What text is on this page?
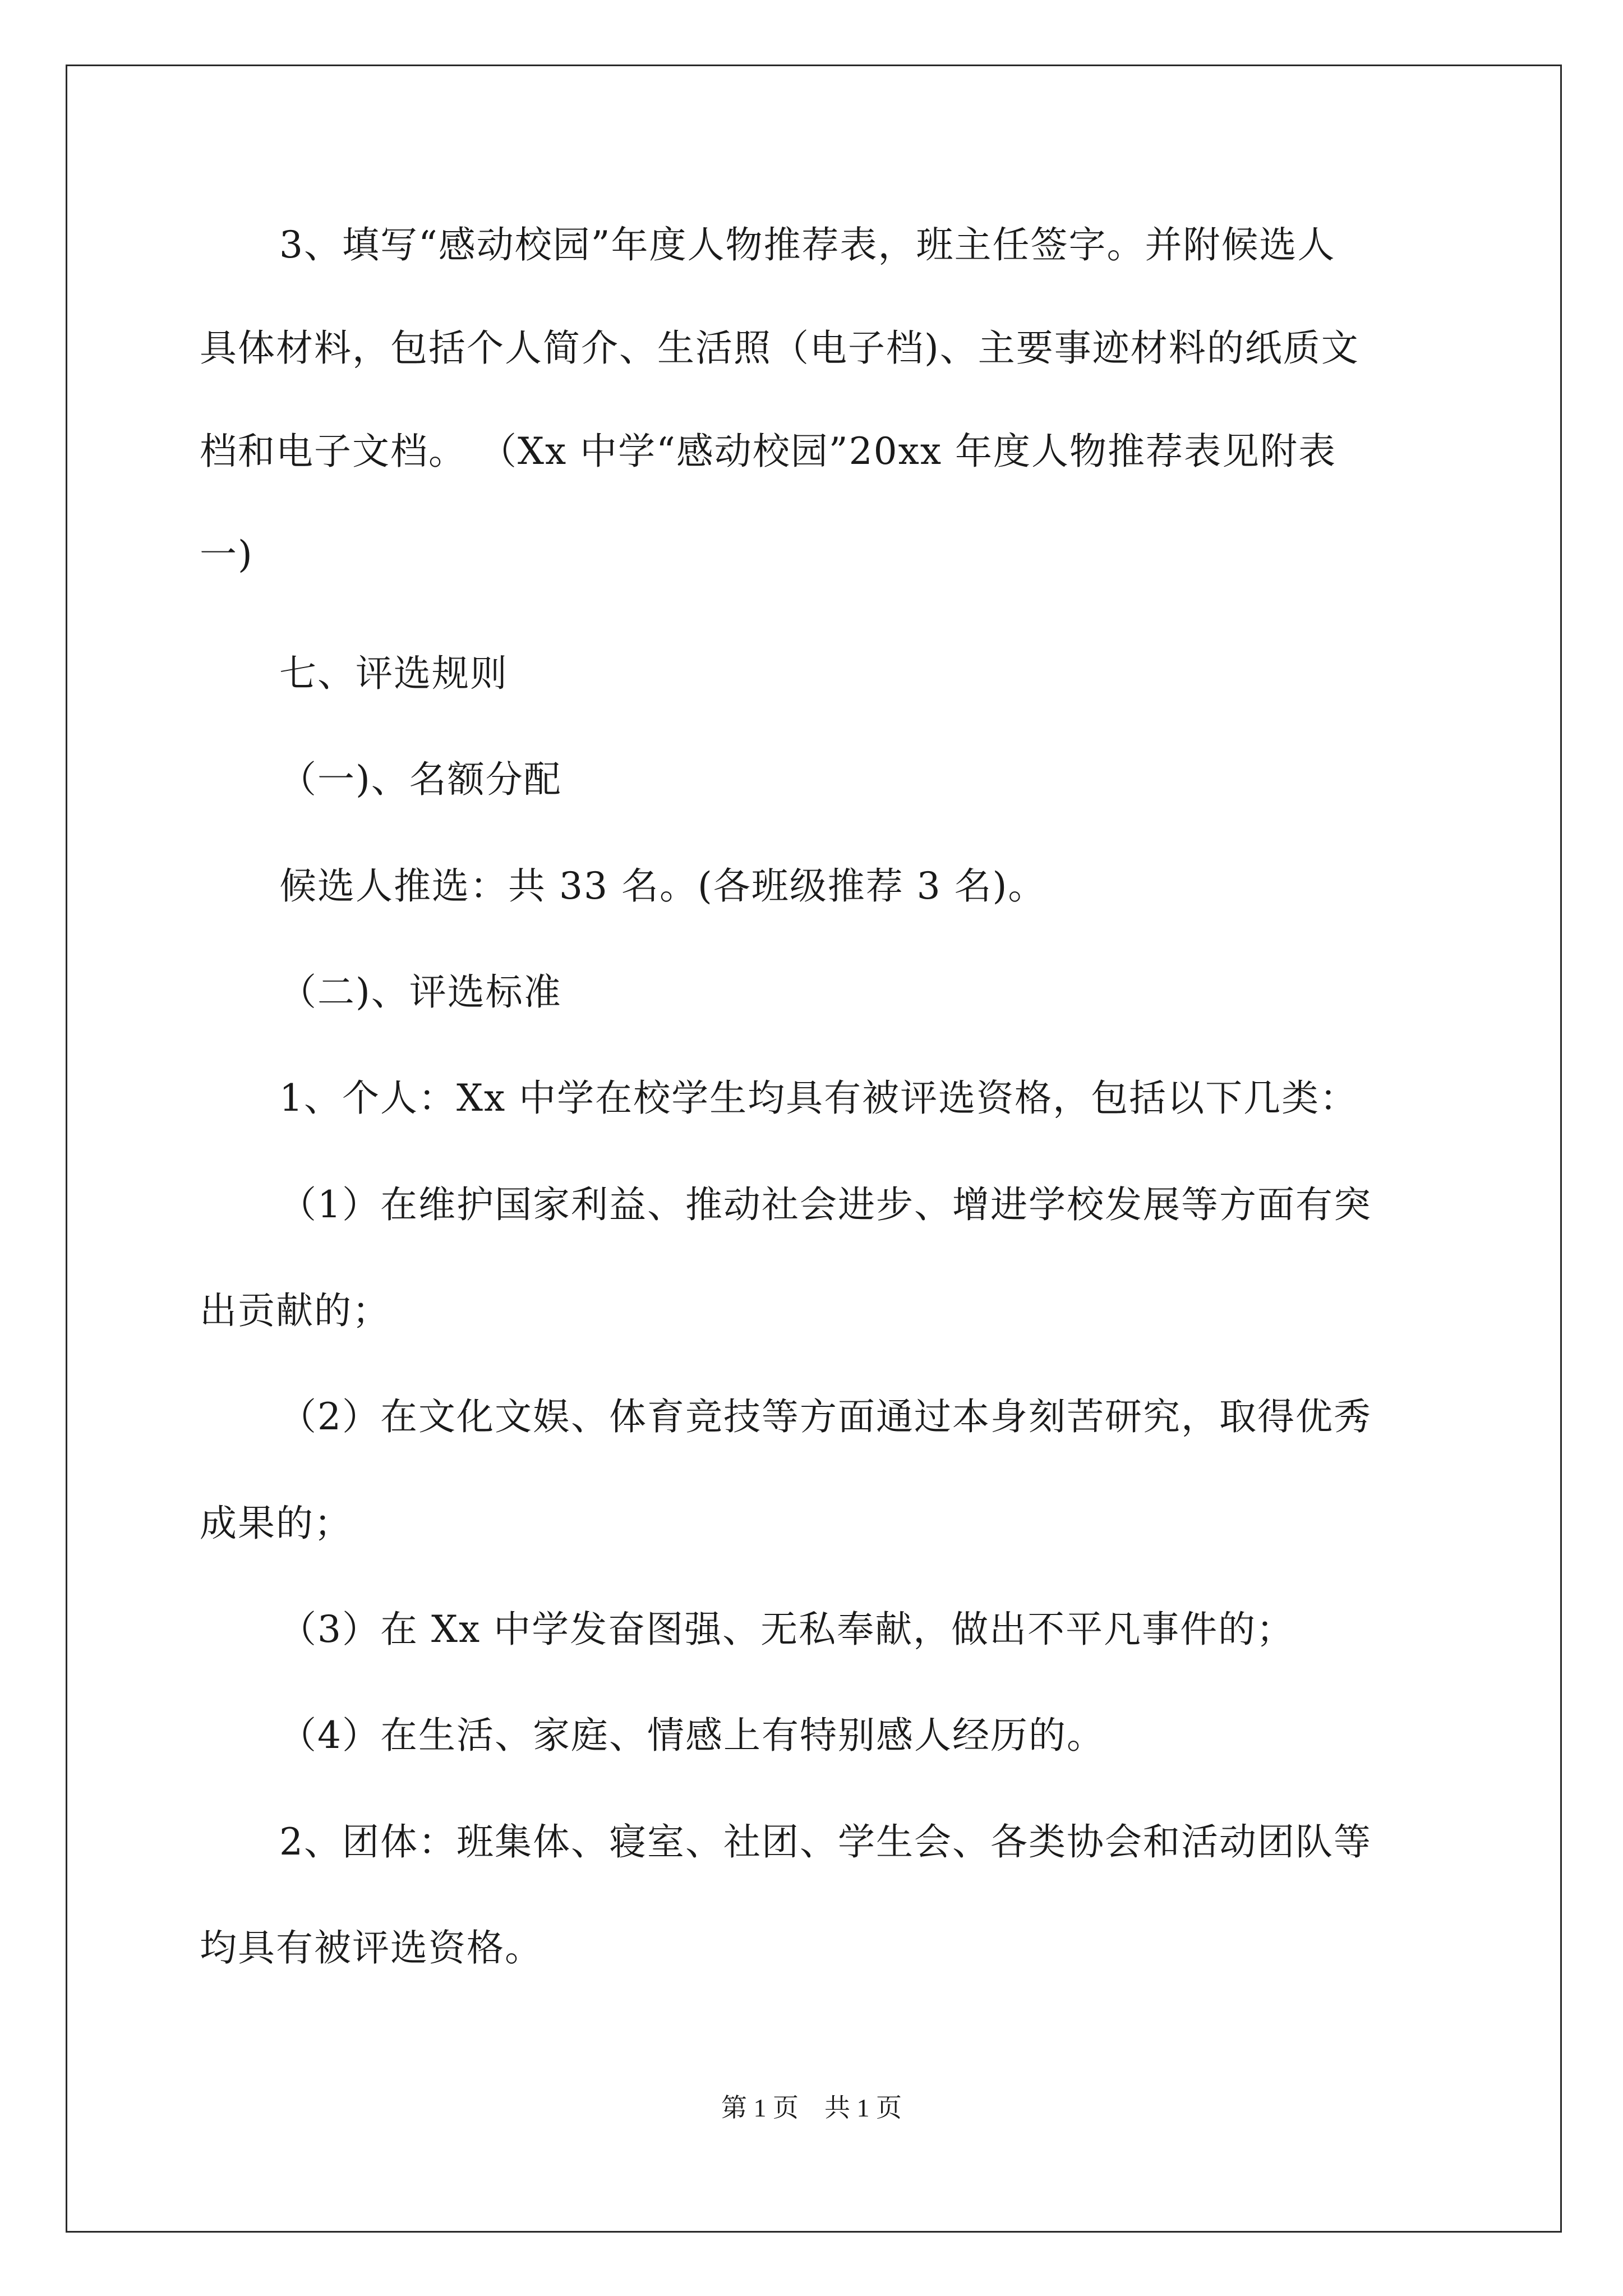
3、填写“感动校园”年度人物推荐表，班主任签字。并附候选人
具体材料，包括个人简介、生活照（电子档)、主要事迹材料的纸质文
档和电子文档。 （Xx 中学“感动校园”20xx 年度人物推荐表见附表
一)
七、评选规则
（一)、名额分配
候选人推选：共 33 名。(各班级推荐 3 名)。
（二)、评选标准
1、个人：Xx 中学在校学生均具有被评选资格，包括以下几类：
（1）在维护国家利益、推动社会进步、增进学校发展等方面有突
出贡献的；
（2）在文化文娱、体育竞技等方面通过本身刻苦研究，取得优秀
成果的；
（3）在 Xx 中学发奋图强、无私奉献，做出不平凡事件的；
（4）在生活、家庭、情感上有特别感人经历的。
2、团体：班集体、寝室、社团、学生会、各类协会和活动团队等
均具有被评选资格。
第 1 页　共 1 页
